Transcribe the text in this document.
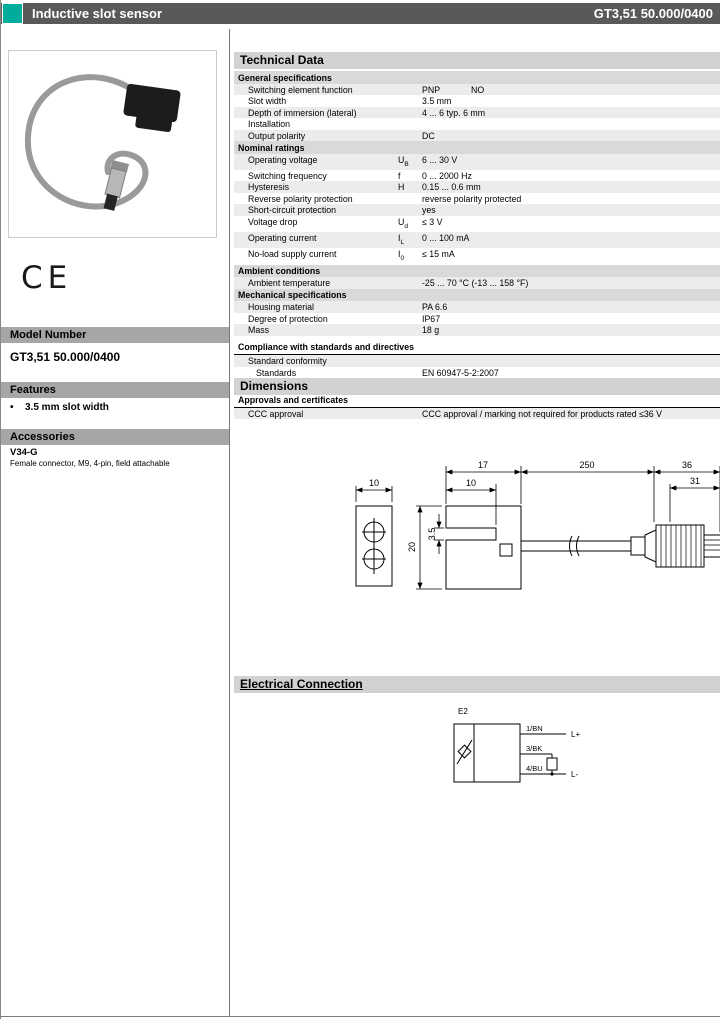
Inductive slot sensor	GT3,51 50.000/0400
CE
Model Number
GT3,51 50.000/0400
Features
• 3.5 mm slot width
Accessories
V34-G
Female connector, M9, 4-pin, field attachable
Technical Data
General specifications
Switching element function	PNP	NO
Slot width	3.5 mm
Depth of immersion (lateral)	4 ... 6 typ. 6 mm
Installation
Output polarity	DC
Nominal ratings
Operating voltage	$U_B$	6 ... 30 V
Switching frequency	f	0 ... 2000 Hz
Hysteresis	H	0.15 ... 0.6 mm
Reverse polarity protection	reverse polarity protected
Short-circuit protection	yes
Voltage drop	$U_d$	≤ 3 V
Operating current	$I_L$	0 ... 100 mA
No-load supply current	$I_0$	≤ 15 mA
Ambient conditions
Ambient temperature	-25 ... 70 °C (-13 ... 158 °F)
Mechanical specifications
Housing material	PA 6.6
Degree of protection	IP67
Mass	18 g
Compliance with standards and directives
Standard conformity
Standards	EN 60947-5-2:2007
Approvals and certificates
CCC approval	CCC approval / marking not required for products rated ≤36 V
Dimensions
10
17	250	36
31
10
20
3.5
Electrical Connection
E2
1/BN
3/BK
4/BU
L+
L-
